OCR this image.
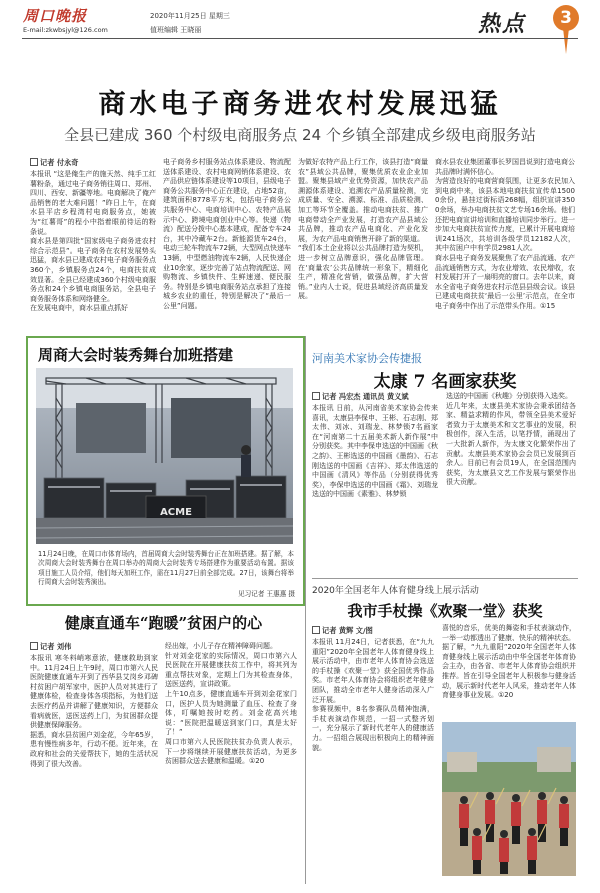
周口晚报
E-mail:zkwbsjyl@126.com
2020年11月25日 星期三
值班编辑 王晓丽	热点	3
商水电子商务进农村发展迅猛
全县已建成 360 个村级电商服务点 24 个乡镇全部建成乡级电商服务站
记者 付永奇
本报讯 “这是俺生产的施天然、纯手工红薯粉条，通过电子商务销往周口、郑州、四川、西安、新疆等地。电商解决了俺产品销售的老大难问题！”昨日上午，在商水县平店乡程湾村电商服务点，她被为“红薯哥”的程小中指着眼前待运的粉条说。
商水县是第四批“国家级电子商务进农村综合示范县”。电子商务在农村发展势头迅猛，商水县已建成农村电子商务服务点360个，乡镇服务点24个，电商扶贫成效显著。全县已经建成360个村级电商服务点和24个乡镇电商服务站，全县电子商务服务体系和网络健全。
在发展电商中，商水县重点抓好
电子商务乡村服务站点体系建设、物流配送体系建设、农村电商网销体系建设、农产品供应链体系建设等10项目，县级电子商务公共服务中心正在建设，占地52亩，建筑面积8778平方米，包括电子商务公共服务中心、电商培训中心、农特产品展示中心、跨境电商创业中心等。快递（物流）配送分拨中心基本建成，配备专车24台，其中冷藏车2台。新能源货车24台，电动三轮车物流车72辆，大型网点快递车13辆，中型燃油物流车2辆，人民快递企业10余家，逐步完善了站点物流配送、网购物流、乡镇快件、生鲜速递、便民服务。特别是乡镇电商服务站点承担了连接城乡农业的重任，特别是解决了“最后一公里”问题。
为做好农特产品上行工作，该县打造“商量农”县域公共品牌，聚集优质农业企业加盟。聚集县域产业优势资源，加快农产品溯源体系建设、追溯农产品质量检测，完成质量、安全、溯源、标准、品质检测、加工等环节全覆盖。推动电商扶贫、推广电商带动全产业发展，打造农产品县域公共品牌，推动农产品电商化、产业化发展，为农产品电商销售开辟了新的渠道。
“我们本土企业将以公共品牌打造为契机，进一步树立品牌意识，强化品牌管理。在‘商量农’公共品牌统一形象下，精细化生产，精准化营销，做强品牌，扩大营销。”业内人士说，促进县域经济高质量发展。
商水县农业集团董事长罗国昌说到打造电商公共品牌时满怀信心。
为营造良好的电商营商氛围，让更多农民加入到电商中来，该县本地电商扶贫宣传单15000余份，悬挂过街标语268幅，组织宣讲3500余场，举办电商扶贫文艺专场16余场。他们还把电商宣讲培训和直播培训同步举行。进一步加大电商扶贫宣传力度，已累计开展电商培训241场次，共培训各级学员12182人次，其中贫困户中有学员2981人次。
商水县电子商务发展聚焦了农产品流通、农产品流通销售方式，为农业增效、农民增收，农村发展打开了一扇明亮的窗口。去年以来，商水全省电子商务进农村示范县县级会议。该县已建成电商扶贫‘最后一公里’示范点，在全市电子商务中作出了示范带头作用。①15
周商大会时装秀舞台加班搭建
ACME
11月24日晚，在周口市体育场内，首届周商大会时装秀舞台正在加班搭建。据了解，本次周商大会时装秀舞台在周口举办的周商大会时装秀专场搭建作为重要活动布置。据该项目施工人员介绍，他们每天加班工作，需在11月27日前全部完成。27日，该舞台将举行周商大会时装秀演出。
见习记者 王惠惠 摄
河南美术家协会传捷报
太康 7 名画家获奖
记者 冯宏杰 通讯员 黄义斌
本报讯 日前，从河南省美术家协会传来喜讯，太康县李保申、王彬、石志刚、郑太伟、刘冰、刘瑞龙、林梦锁7名画家在“河南第二十五届美术新人新作展”中分别获奖。其中李保申选送的中国画《秋之韵》、王彬选送的中国画《墨韵》、石志刚选送的中国画《吉祥》、郑太伟选送的中国画《清风》等作品（分别获得优秀奖），李保申选送的中国画《霜》、刘瑞龙选送的中国画《素雅》、林梦锁
选送的中国画《秋趣》分别获得入选奖。
近几年来，太康县美术家协会秉承团结各家、精益求精的作风，带领全县美术爱好者致力于太康美术和文艺事业的发展，积极创作，深入生活，以笔抒情，涌现出了一大批新人新作，为太康文化繁荣作出了贡献。太康县美术家协会会员已发展到百余人。目前已有会员19人，在全国范围内获奖，为太康县文艺工作发展与繁荣作出很大贡献。
2020年全国老年人体育健身线上展示活动
我市手杖操《欢聚一堂》获奖
记者 黄辉 文/图
本报讯 11月24日，记者获悉，在“九九重阳”2020年全国老年人体育健身线上展示活动中，由市老年人体育协会选送的手杖操《欢聚一堂》获全国优秀作品奖。市老年人体育协会将组织老年健身团队，推动全市老年人健身活动深入广泛开展。
参赛视频中，8名参赛队员精神饱满，手杖表演动作规范，一招一式整齐划一，充分展示了新时代老年人的健康活力。一招组合展现出积极向上的精神面貌。
喜悦的音乐，优美的舞姿和手杖表演动作，一举一动都透出了健康、快乐的精神状态。
据了解，“九九重阳”2020年全国老年人体育健身线上展示活动由中华全国老年体育协会主办，由各省、市老年人体育协会组织并推荐。旨在引导全国老年人积极参与健身活动，展示新时代老年人风采，推动老年人体育健身事业发展。①20
健康直通车“跑暖”贫困户的心
记者 刘伟
本报讯 寒冬料峭寒意浓，健康救助到家中。11月24日上午9时，周口市第六人民医院健康直通车开到了西华县艾岗乡邓碑村贫困户胡军家中，医护人员对其进行了健康体检，检查身体各项指标，为他们送去医疗药品并讲解了健康知识，方便群众看病就医，送医送药上门，为贫困群众提供健康保障服务。
据悉，商水县贫困户刘金花，今年65岁，患有慢性病多年，行动不便。近年来，在政府和社会的关爱帮扶下，她的生活状况得到了很大改善。
经出嫁，小儿子存在精神障碍问题。
针对刘金花家的实际情况，周口市第六人民医院在开展健康扶贫工作中，将其列为重点帮扶对象，定期上门为其检查身体，送医送药，宣讲政策。
上午10点多，健康直通车开到刘金花家门口，医护人员为她测量了血压、检查了身体，叮嘱她按时吃药。刘金花高兴地说：“医院把温暖送到家门口，真是太好了！”
周口市第六人民医院扶贫办负责人表示，下一步将继续开展健康扶贫活动，为更多贫困群众送去健康和温暖。①20
